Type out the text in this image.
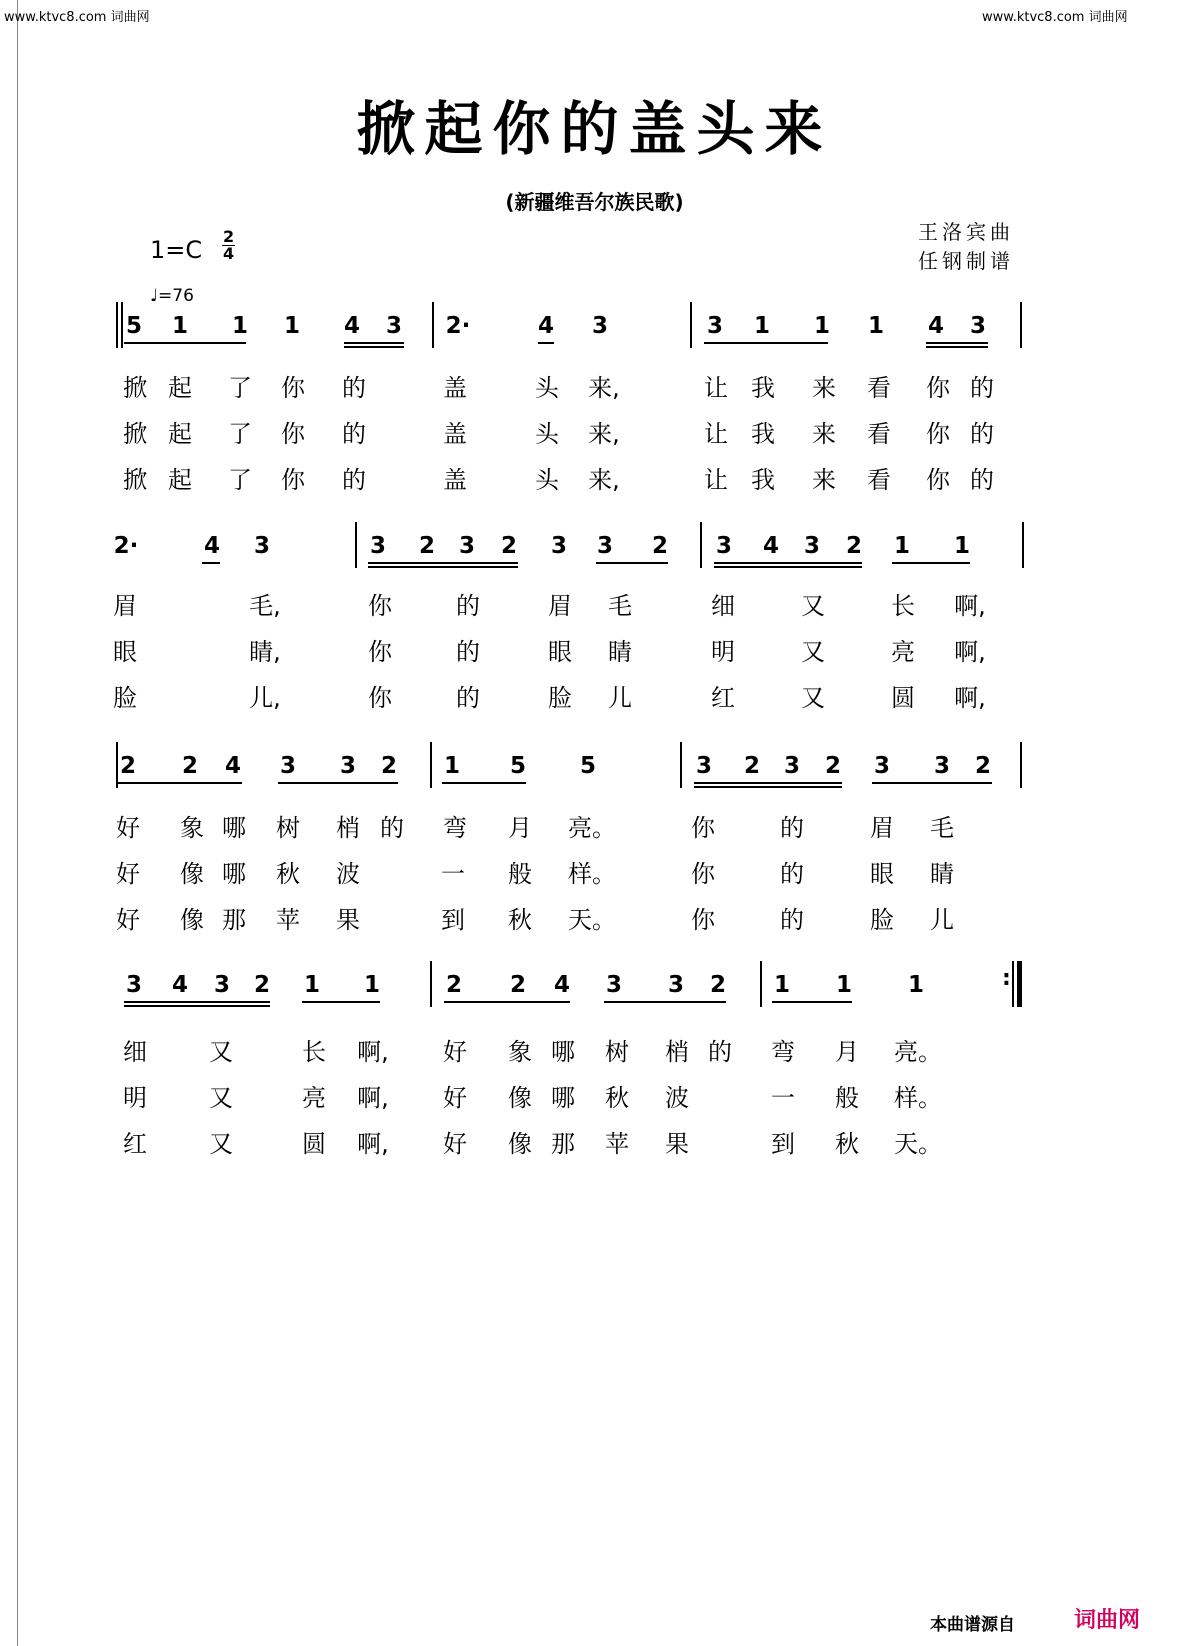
www.ktvc8.com 词曲网	www.ktvc8.com 词曲网
掀起你的盖头来
(新疆维吾尔族民歌)
王洛宾曲
任钢制谱
$1=C \frac{2}{4}$
♩=76
5 1 1 1 4 3 2·	4 3	3 1 1 1 4 3
掀 起 了 你 的	盖	头 来,	让 我 来 看 你 的
掀 起 了 你 的	盖	头 来,	让 我 来 看 你 的
掀 起 了 你 的	盖	头 来,	让 我 来 看 你 的
2·	4 3	3 2 3 2 3 3 2 3 4 3 2 1 1
眉	毛,	你	的	眉 毛	细	又	长 啊,
眼	睛,	你	的	眼 睛	明	又	亮 啊,
脸	儿,	你	的	脸 儿	红	又	圆 啊,
2 2 4 3 3 2 1 5 5	3 2 3 2 3 3 2
好 象 哪 树 梢 的 弯 月 亮。	你	的	眉 毛
好 像 哪 秋 波	一 般 样。	你	的	眼 睛
好 像 那 苹 果	到 秋 天。	你	的	脸 儿
3 4 3 2 1 1	2 2 4 3 3 2 1 1 1
细	又	长 啊, 好 象 哪 树 梢 的 弯 月 亮。
明	又	亮 啊, 好 像 哪 秋 波	一 般 样。
红	又	圆 啊, 好 像 那 苹 果	到 秋 天。
:
本曲谱源自	词曲网
